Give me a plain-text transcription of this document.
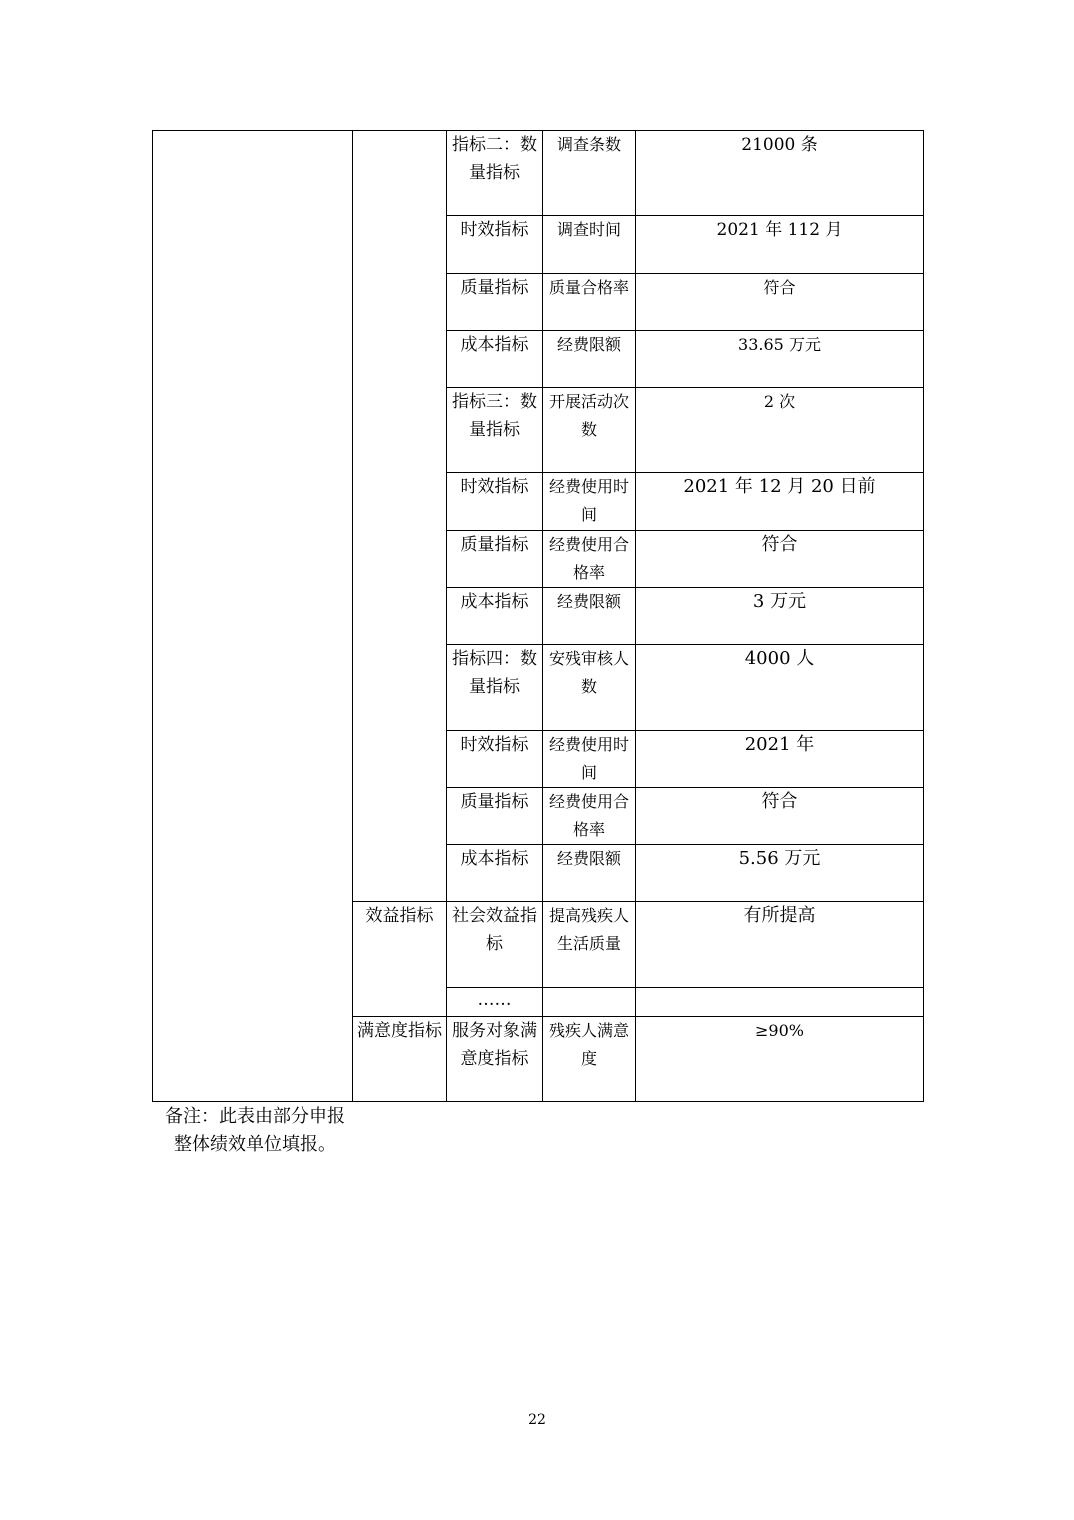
		指标二：数量指标	调查条数	21000 条
		时效指标	调查时间	2021 年 112 月
		质量指标	质量合格率	符合
		成本指标	经费限额	33.65 万元
		指标三：数量指标	开展活动次数	2 次
		时效指标	经费使用时间	2021 年 12 月 20 日前
		质量指标	经费使用合格率	符合
		成本指标	经费限额	3 万元
		指标四：数量指标	安残审核人数	4000 人
		时效指标	经费使用时间	2021 年
		质量指标	经费使用合格率	符合
		成本指标	经费限额	5.56 万元
	效益指标	社会效益指标	提高残疾人生活质量	有所提高
		……		
	满意度指标	服务对象满意度指标	残疾人满意度	≥90%
备注：此表由部分申报整体绩效单位填报。
22
